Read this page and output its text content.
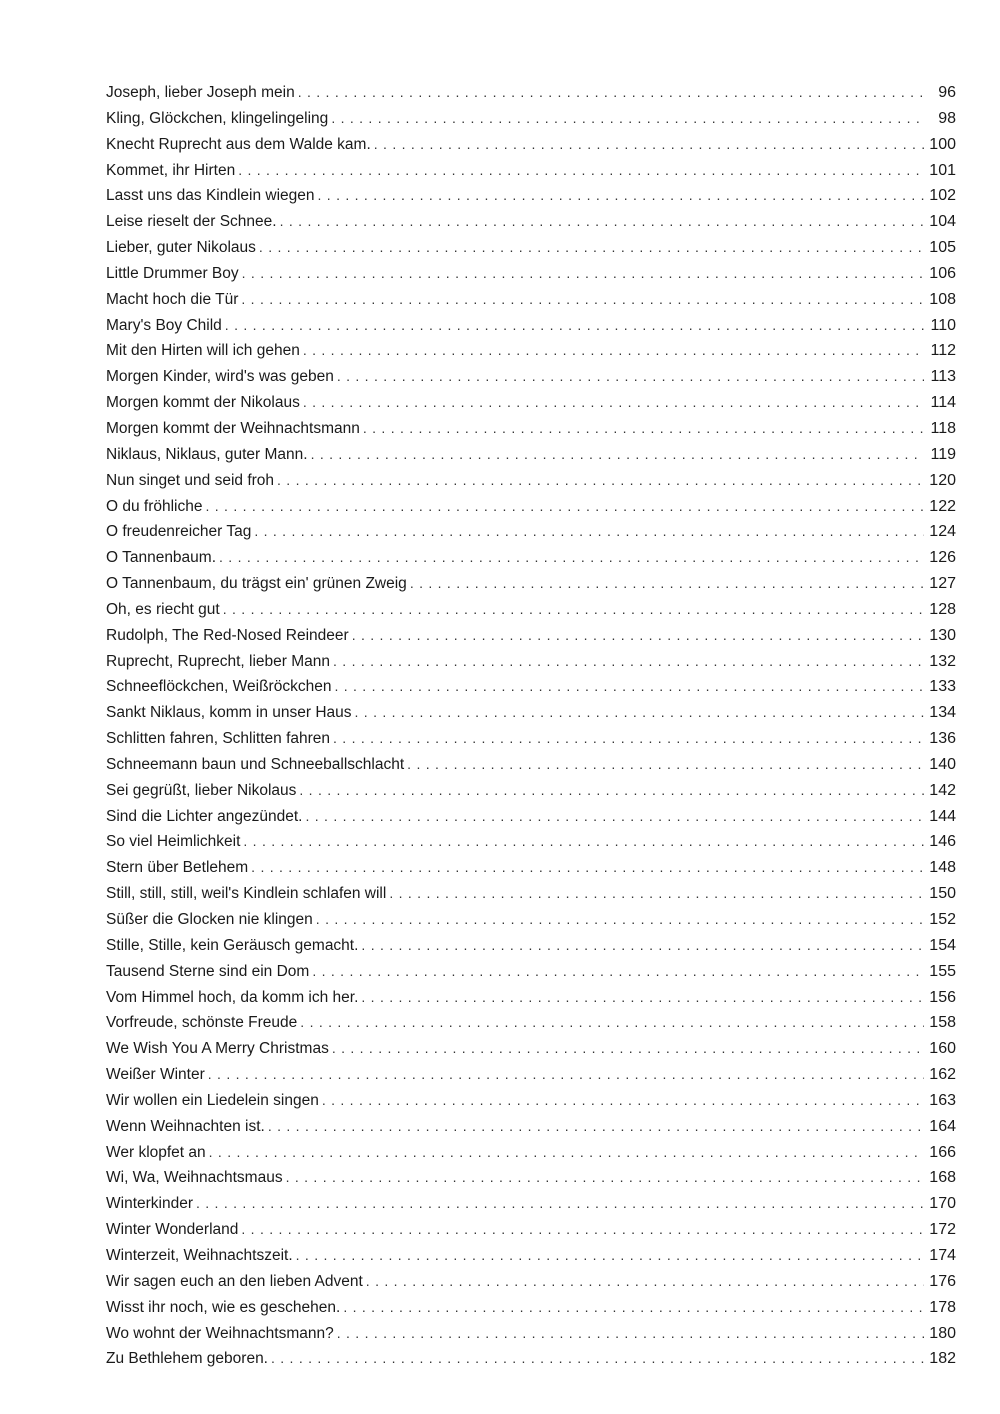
Joseph, lieber Joseph mein . . .	96
Kling, Glöckchen, klingelingeling . . .	98
Knecht Ruprecht aus dem Walde kam. . . .	100
Kommet, ihr Hirten . . .	101
Lasst uns das Kindlein wiegen . . .	102
Leise rieselt der Schnee. . . .	104
Lieber, guter Nikolaus . . .	105
Little Drummer Boy . . .	106
Macht hoch die Tür . . .	108
Mary's Boy Child . . .	110
Mit den Hirten will ich gehen . . .	112
Morgen Kinder, wird's was geben . . .	113
Morgen kommt der Nikolaus . . .	114
Morgen kommt der Weihnachtsmann . . .	118
Niklaus, Niklaus, guter Mann. . . .	119
Nun singet und seid froh . . .	120
O du fröhliche . . .	122
O freudenreicher Tag . . .	124
O Tannenbaum. . . .	126
O Tannenbaum, du trägst ein' grünen Zweig . . .	127
Oh, es riecht gut . . .	128
Rudolph, The Red-Nosed Reindeer . . .	130
Ruprecht, Ruprecht, lieber Mann . . .	132
Schneeflöckchen, Weißröckchen . . .	133
Sankt Niklaus, komm in unser Haus . . .	134
Schlitten fahren, Schlitten fahren . . .	136
Schneemann baun und Schneeballschlacht . . .	140
Sei gegrüßt, lieber Nikolaus . . .	142
Sind die Lichter angezündet. . . .	144
So viel Heimlichkeit . . .	146
Stern über Betlehem . . .	148
Still, still, still, weil's Kindlein schlafen will . . .	150
Süßer die Glocken nie klingen . . .	152
Stille, Stille, kein Geräusch gemacht. . . .	154
Tausend Sterne sind ein Dom . . .	155
Vom Himmel hoch, da komm ich her. . . .	156
Vorfreude, schönste Freude . . .	158
We Wish You A Merry Christmas . . .	160
Weißer Winter . . .	162
Wir wollen ein Liedelein singen . . .	163
Wenn Weihnachten ist. . . .	164
Wer klopfet an . . .	166
Wi, Wa, Weihnachtsmaus . . .	168
Winterkinder . . .	170
Winter Wonderland . . .	172
Winterzeit, Weihnachtszeit. . . .	174
Wir sagen euch an den lieben Advent . . .	176
Wisst ihr noch, wie es geschehen. . . .	178
Wo wohnt der Weihnachtsmann? . . .	180
Zu Bethlehem geboren. . . .	182
